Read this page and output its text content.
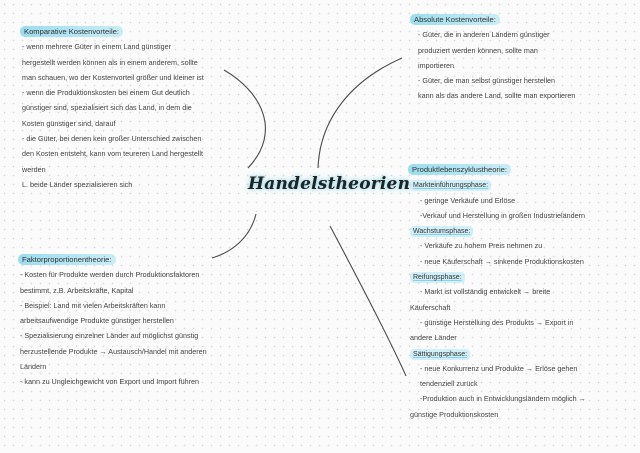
Handelstheorien
Komparative Kostenvorteile:
- wenn mehrere Güter in einem Land günstiger
hergestellt werden können als in einem anderem, sollte
man schauen, wo der Kostenvorteil größer und kleiner ist
- wenn die Produktionskosten bei einem Gut deutlich
günstiger sind, spezialisiert sich das Land, in dem die
Kosten günstiger sind, darauf
- die Güter, bei denen kein großer Unterschied zwischen
den Kosten entsteht, kann vom teureren Land hergestellt
werden
L. beide Länder spezialisieren sich
Absolute Kostenvorteile:
- Güter, die in anderen Ländern günstiger
produziert werden können, sollte man
importieren
- Güter, die man selbst günstiger herstellen
kann als das andere Land, sollte man exportieren
Faktorproportionentheorie:
- Kosten für Produkte werden durch Produktionsfaktoren
bestimmt, z.B. Arbeitskräfte, Kapital
- Beispiel: Land mit vielen Arbeitskräften kann
arbeitsaufwendige Produkte günstiger herstellen
- Spezialisierung einzelner Länder auf möglichst günstig
herzustellende Produkte → Austausch/Handel mit anderen
Ländern
- kann zu Ungleichgewicht von Export und Import führen
Produktlebenszyklustheorie:
Markteinführungsphase:
- geringe Verkäufe und Erlöse
-Verkauf und Herstellung in großen Industrieländern
Wachstumsphase:
- Verkäufe zu hohem Preis nehmen zu
- neue Käuferschaft → sinkende Produktionskosten
Reifungsphase:
- Markt ist vollständig entwickelt → breite
Käuferschaft
- günstige Herstellung des Produkts → Export in
andere Länder
Sättigungsphase:
- neue Konkurrenz und Produkte → Erlöse gehen
tendenziell zurück
-Produktion auch in Entwicklungsländern möglich →
günstige Produktionskosten
